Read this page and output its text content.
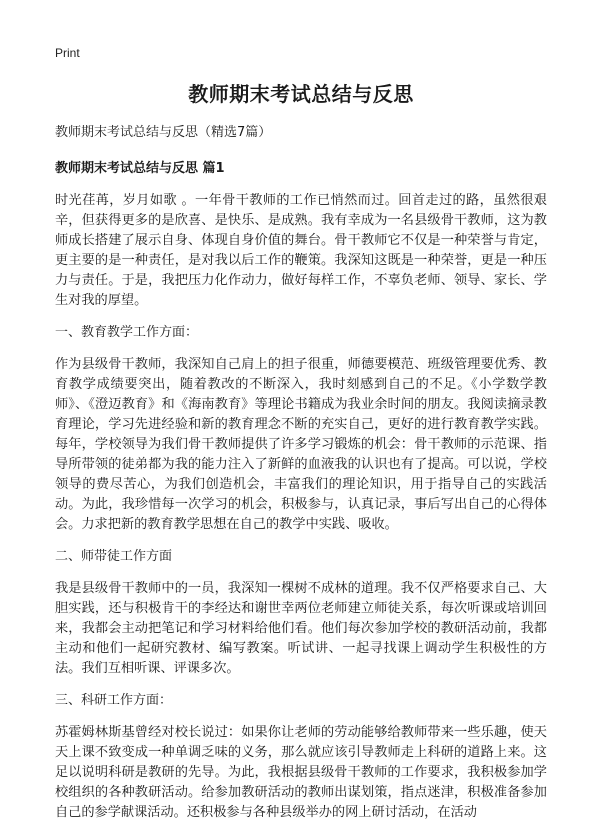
Print
教师期末考试总结与反思

教师期末考试总结与反思（精选7篇）

教师期末考试总结与反思 篇1

时光荏苒，岁月如歌 。一年骨干教师的工作已悄然而过。回首走过的路，虽然很艰辛，但获得更多的是欣喜、是快乐、是成熟。我有幸成为一名县级骨干教师，这为教师成长搭建了展示自身、体现自身价值的舞台。骨干教师它不仅是一种荣誉与肯定，更主要的是一种责任，是对我以后工作的鞭策。我深知这既是一种荣誉，更是一种压力与责任。于是，我把压力化作动力，做好每样工作，不辜负老师、领导、家长、学生对我的厚望。

一、教育教学工作方面：

作为县级骨干教师，我深知自己肩上的担子很重，师德要模范、班级管理要优秀、教育教学成绩要突出，随着教改的不断深入，我时刻感到自己的不足。《小学数学教师》、《澄迈教育》和《海南教育》等理论书籍成为我业余时间的朋友。我阅读摘录教育理论，学习先进经验和新的教育理念不断的充实自己，更好的进行教育教学实践。每年，学校领导为我们骨干教师提供了许多学习锻炼的机会：骨干教师的示范课、指导所带领的徒弟都为我的能力注入了新鲜的血液我的认识也有了提高。可以说，学校领导的费尽苦心，为我们创造机会，丰富我们的理论知识，用于指导自己的实践活动。为此，我珍惜每一次学习的机会，积极参与，认真记录，事后写出自己的心得体会。力求把新的教育教学思想在自己的教学中实践、吸收。

二、师带徒工作方面

我是县级骨干教师中的一员，我深知一棵树不成林的道理。我不仅严格要求自己、大胆实践，还与积极肯干的李经达和谢世幸两位老师建立师徒关系，每次听课或培训回来，我都会主动把笔记和学习材料给他们看。他们每次参加学校的教研活动前，我都主动和他们一起研究教材、编写教案。听试讲、一起寻找课上调动学生积极性的方法。我们互相听课、评课多次。

三、科研工作方面：

苏霍姆林斯基曾经对校长说过：如果你让老师的劳动能够给教师带来一些乐趣，使天天上课不致变成一种单调乏味的义务，那么就应该引导教师走上科研的道路上来。这足以说明科研是教研的先导。为此，我根据县级骨干教师的工作要求，我积极参加学校组织的各种教研活动。给参加教研活动的教师出谋划策，指点迷津，积极准备参加自己的参学献课活动。还积极参与各种县级举办的网上研讨活动，在活动
